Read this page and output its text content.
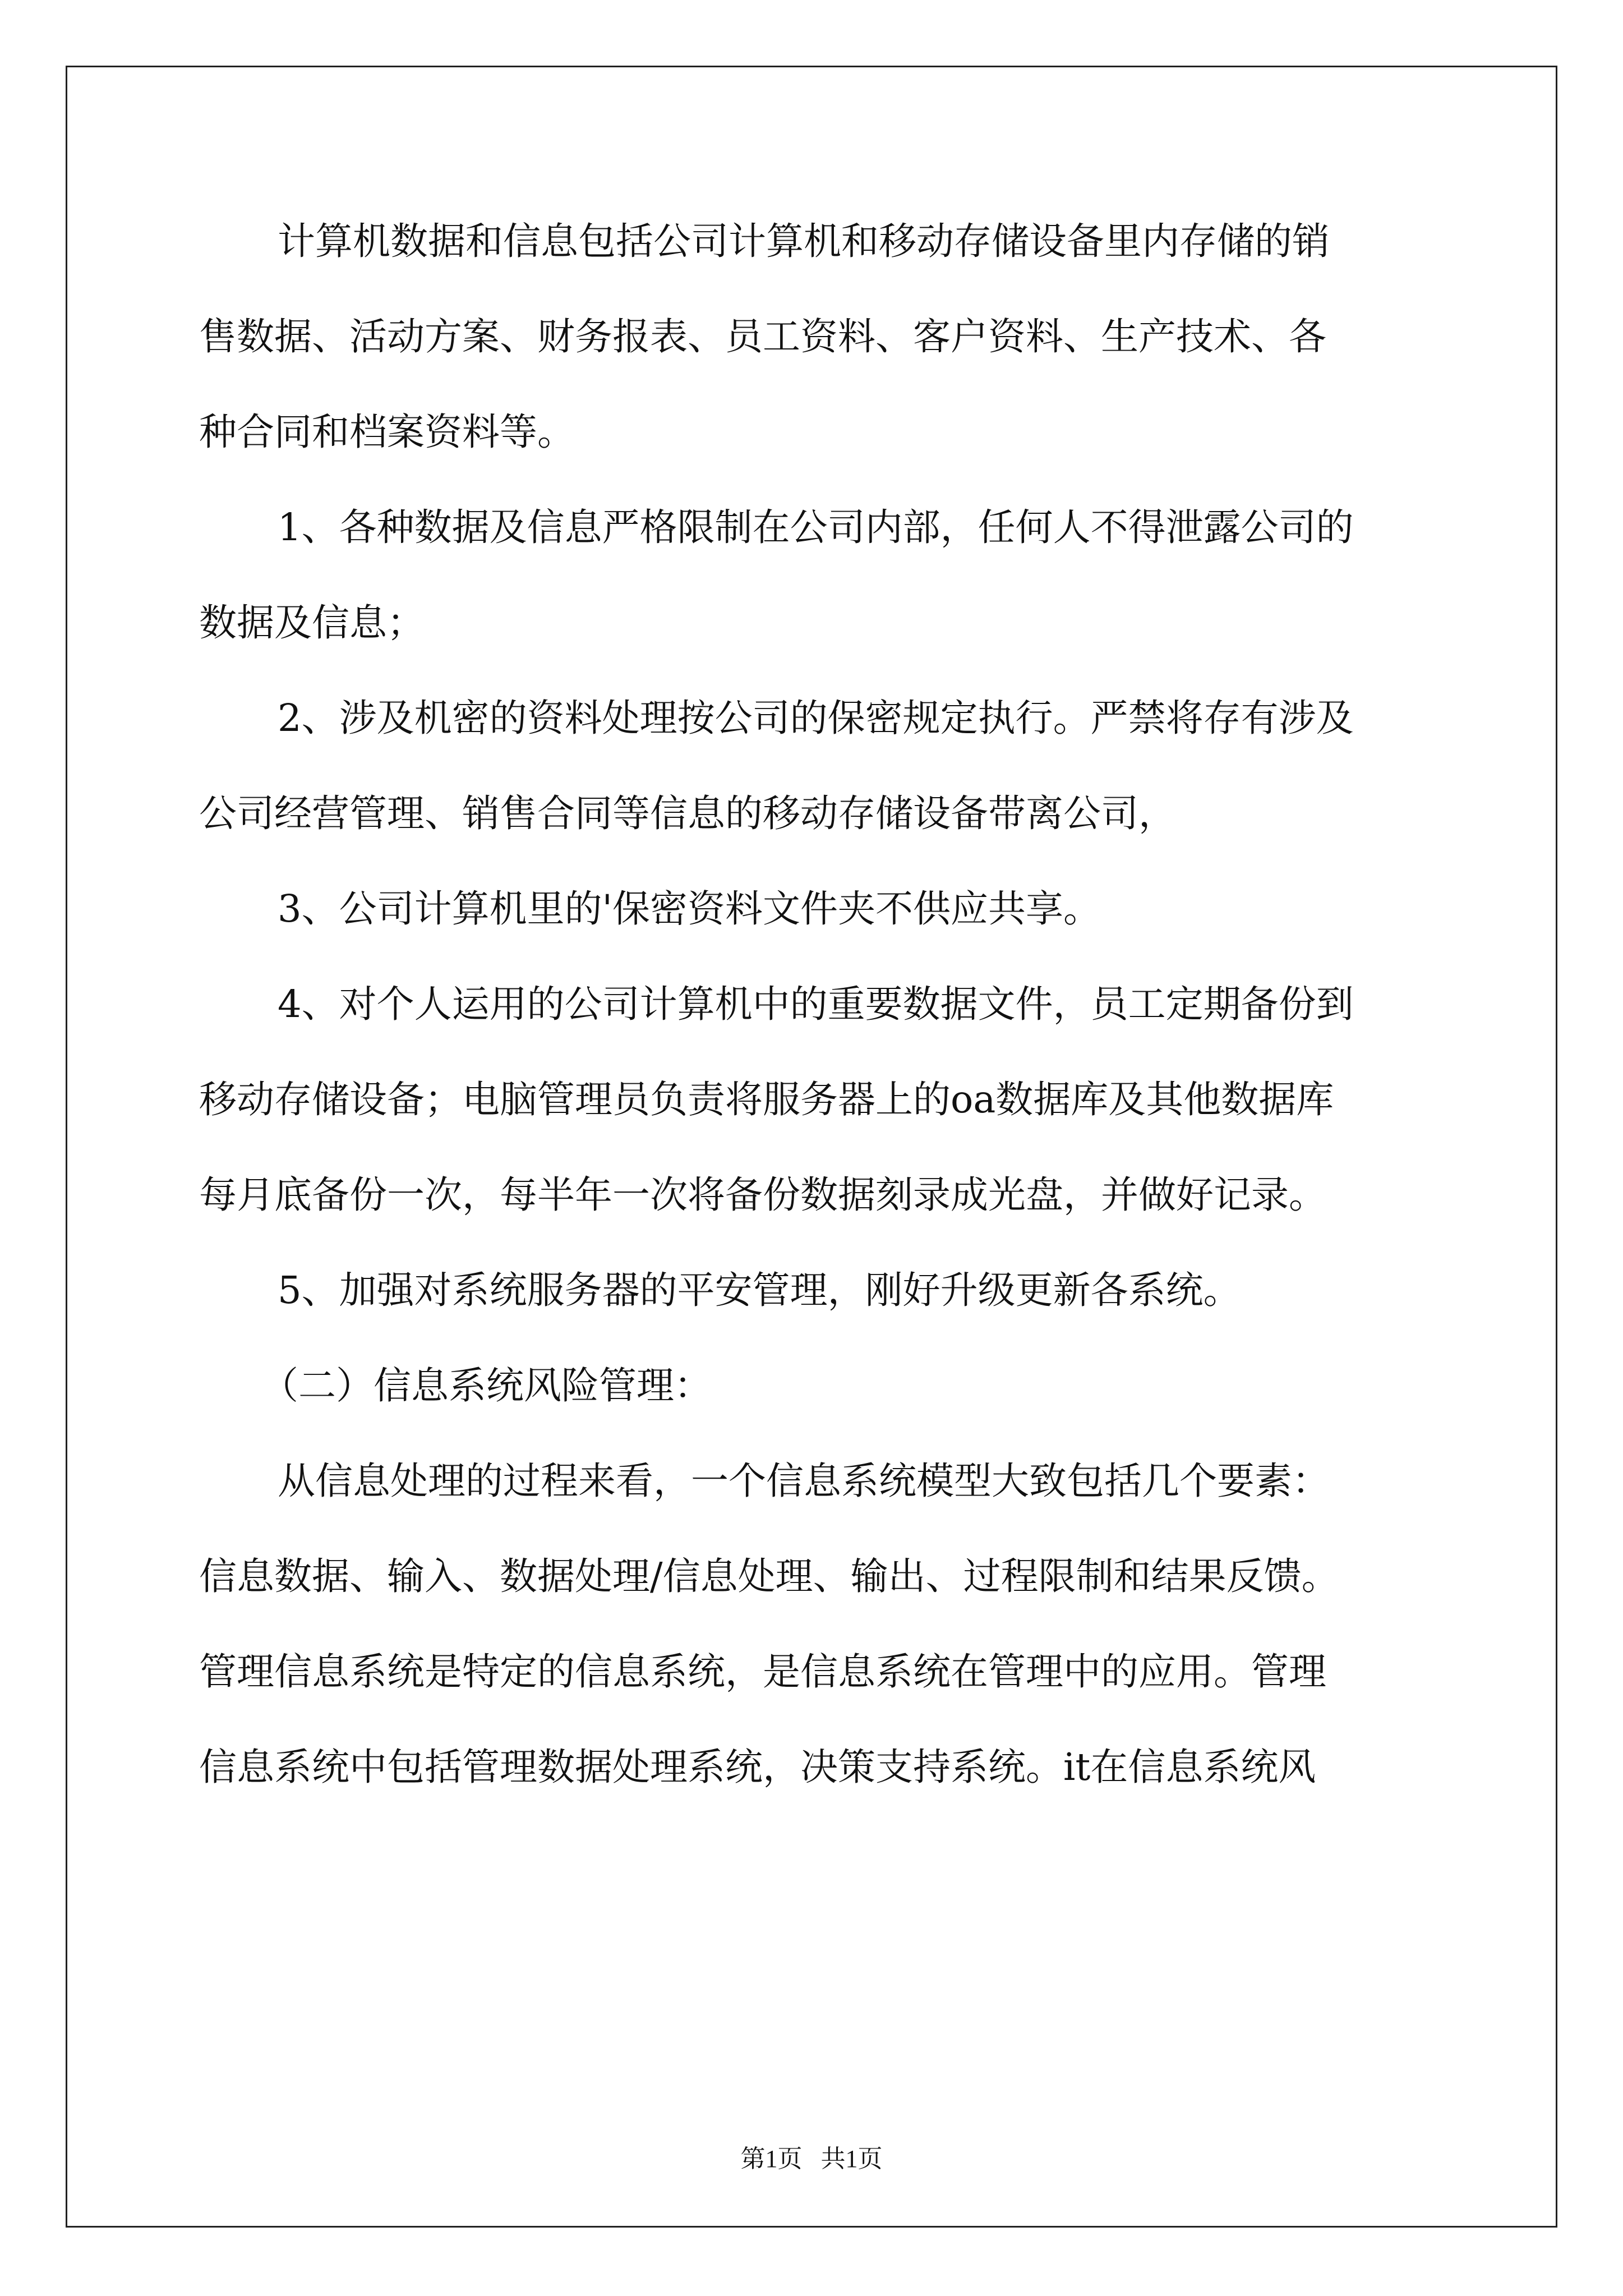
计算机数据和信息包括公司计算机和移动存储设备里内存储的销
售数据、活动方案、财务报表、员工资料、客户资料、生产技术、各
种合同和档案资料等。
1、各种数据及信息严格限制在公司内部，任何人不得泄露公司的
数据及信息；
2、涉及机密的资料处理按公司的保密规定执行。严禁将存有涉及
公司经营管理、销售合同等信息的移动存储设备带离公司，
3、公司计算机里的'保密资料文件夹不供应共享。
4、对个人运用的公司计算机中的重要数据文件，员工定期备份到
移动存储设备；电脑管理员负责将服务器上的oa数据库及其他数据库
每月底备份一次，每半年一次将备份数据刻录成光盘，并做好记录。
5、加强对系统服务器的平安管理，刚好升级更新各系统。
（二）信息系统风险管理：
从信息处理的过程来看，一个信息系统模型大致包括几个要素：
信息数据、输入、数据处理/信息处理、输出、过程限制和结果反馈。
管理信息系统是特定的信息系统，是信息系统在管理中的应用。管理
信息系统中包括管理数据处理系统，决策支持系统。it在信息系统风
第1页   共1页
